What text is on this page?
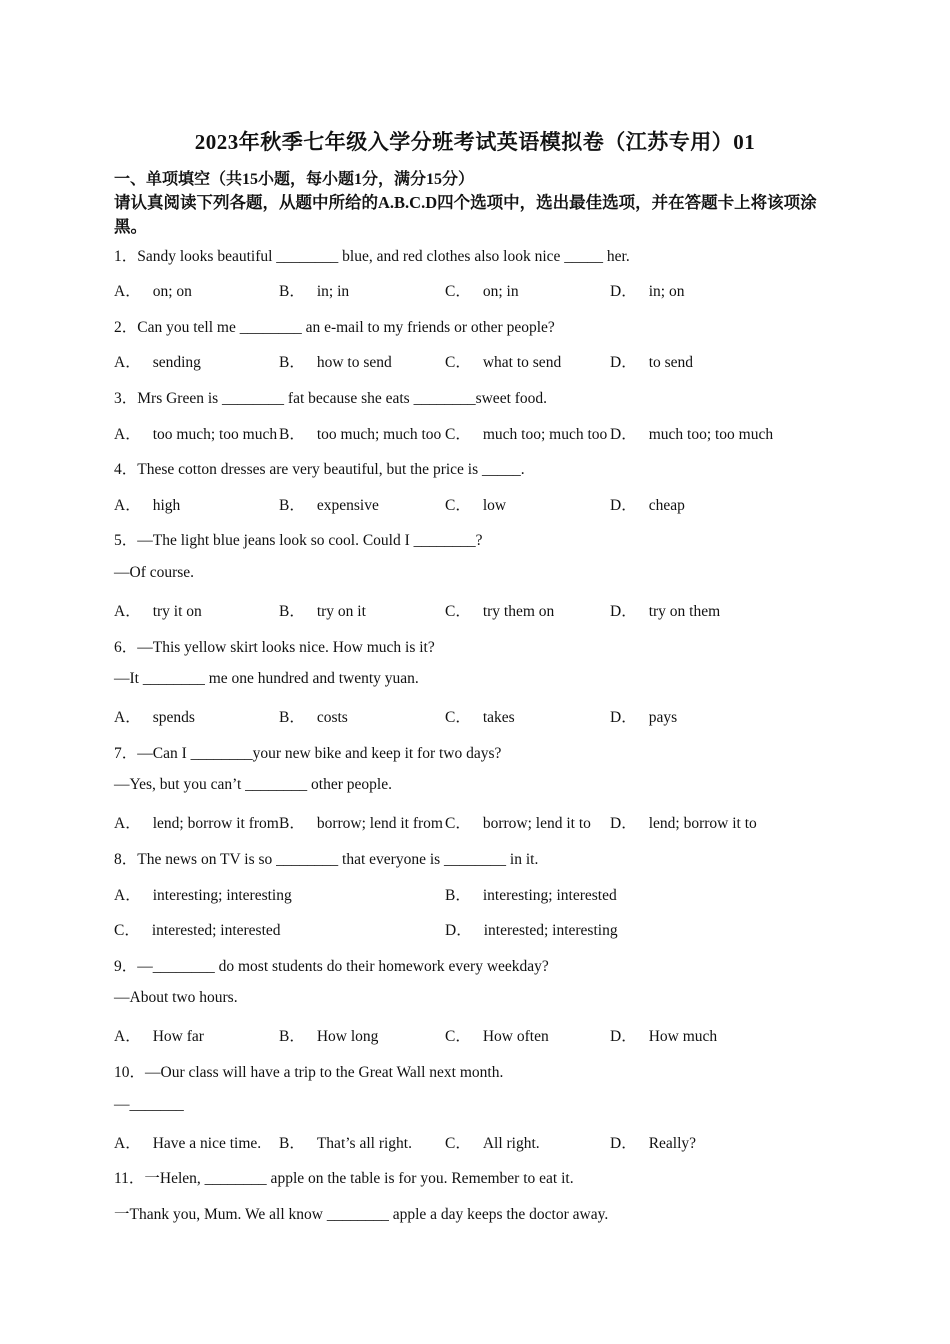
2023年秋季七年级入学分班考试英语模拟卷（江苏专用）01
一、单项填空（共15小题，每小题1分，满分15分）
请认真阅读下列各题，从题中所给的A.B.C.D四个选项中，选出最佳选项，并在答题卡上将该项涂黑。
1．Sandy looks beautiful ________ blue, and red clothes also look nice _____ her.
A． on; on	B． in; in	C． on; in	D． in; on
2．Can you tell me ________ an e-mail to my friends or other people?
A． sending	B． how to send	C． what to send	D． to send
3．Mrs Green is ________ fat because she eats ________sweet food.
A． too much; too much B． too much; much too C． much too; much too D． much too; too much
4．These cotton dresses are very beautiful, but the price is _____.
A． high	B． expensive	C． low	D． cheap
5．—The light blue jeans look so cool. Could I ________?
—Of course.
A． try it on	B． try on it	C． try them on	D． try on them
6．—This yellow skirt looks nice. How much is it?
—It ________ me one hundred and twenty yuan.
A． spends	B． costs	C． takes	D． pays
7．—Can I ________your new bike and keep it for two days?
—Yes, but you can’t ________ other people.
A． lend; borrow it from B． borrow; lend it from C． borrow; lend it to D． lend; borrow it to
8．The news on TV is so ________ that everyone is ________ in it.
A． interesting; interesting	B． interesting; interested
C． interested; interested	D． interested; interesting
9．—________ do most students do their homework every weekday?
—About two hours.
A． How far	B． How long	C． How often	D． How much
10．—Our class will have a trip to the Great Wall next month.
—_______
A． Have a nice time. B． That’s all right. C． All right.	D． Really?
11．一Helen, ________ apple on the table is for you. Remember to eat it.
一Thank you, Mum. We all know ________ apple a day keeps the doctor away.
